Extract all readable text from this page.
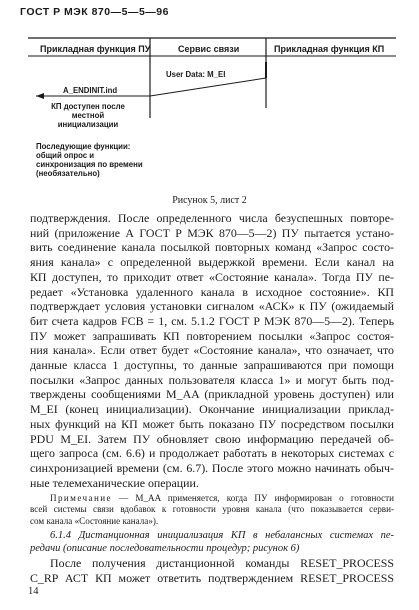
ГОСТ Р МЭК 870—5—5—96
Прикладная функция ПУ	Сервис связи	Прикладная функция КП
User Data: M_EI
A_ENDINIT.ind
КП доступен после
местной
инициализации
Последующие функции:
общий опрос и
синхронизация по времени
(необязательно)
Рисунок 5, лист 2
подтверждения. После определенного числа безуспешных повторе-
ний (приложение А ГОСТ Р МЭК 870—5—2) ПУ пытается устано-
вить соединение канала посылкой повторных команд «Запрос состо-
яния канала» с определенной выдержкой времени. Если канал на
КП доступен, то приходит ответ «Состояние канала». Тогда ПУ пе-
редает «Установка удаленного канала в исходное состояние». КП
подтверждает условия установки сигналом «АСК» к ПУ (ожидаемый
бит счета кадров FCB = 1, см. 5.1.2 ГОСТ Р МЭК 870—5—2). Теперь
ПУ может запрашивать КП повторением посылки «Запрос состоя-
ния канала». Если ответ будет «Состояние канала», что означает, что
данные класса 1 доступны, то данные запрашиваются при помощи
посылки «Запрос данных пользователя класса 1» и могут быть под-
тверждены сообщениями M_AA (прикладной уровень доступен) или
M_EI (конец инициализации). Окончание инициализации приклад-
ных функций на КП может быть показано ПУ посредством посылки
PDU M_EI. Затем ПУ обновляет свою информацию передачей об-
щего запроса (см. 6.6) и продолжает работать в некоторых системах с
синхронизацией времени (см. 6.7). После этого можно начинать обыч-
ные телемеханические операции.
Примечание — M_AA применяется, когда ПУ информирован о готовности
всей системы связи вдобавок к готовности уровня канала (что показывается серви-
сом канала «Состояние канала»).
6.1.4 Дистанционная инициализация КП в небалансных системах пе-
редачи (описание последовательности процедур; рисунок 6)
После получения дистанционной команды RESET_PROCESS
С_RP АСТ КП может ответить подтверждением RESET_PROCESS
14
